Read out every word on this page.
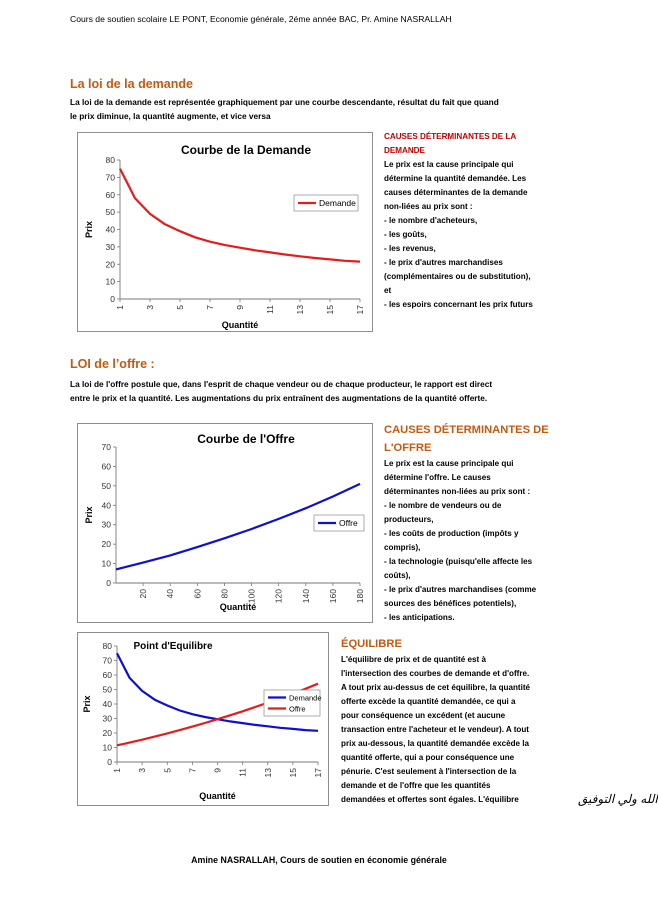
Cours de soutien scolaire LE PONT, Economie générale, 2éme année BAC, Pr. Amine NASRALLAH
La loi de la demande
La loi de la demande est représentée graphiquement par une courbe descendante, résultat du fait que quand
le prix diminue, la quantité augmente, et vice versa
Courbe de la Demande
0
10
20
30
40
50
60
70
80
1 3 5 7 9 11 13 15 17
Prix
Quantité
Demande
CAUSES DÉTERMINANTES DE LA
DEMANDE
Le prix est la cause principale qui
détermine la quantité demandée. Les
causes déterminantes de la demande
non-liées au prix sont :
- le nombre d'acheteurs,
- les goûts,
- les revenus,
- le prix d'autres marchandises
(complémentaires ou de substitution),
et
- les espoirs concernant les prix futurs
LOI de l’offre :
La loi de l'offre postule que, dans l'esprit de chaque vendeur ou de chaque producteur, le rapport est direct
entre le prix et la quantité. Les augmentations du prix entraînent des augmentations de la quantité offerte.
Courbe de l'Offre
0
10
20
30
40
50
60
70
20 40 60 80 100 120 140 160 180
Prix
Quantité
Offre
CAUSES DÉTERMINANTES DE
L'OFFRE
Le prix est la cause principale qui
détermine l'offre. Le causes
déterminantes non-liées au prix sont :
- le nombre de vendeurs ou de
producteurs,
- les coûts de production (impôts y
compris),
- la technologie (puisqu'elle affecte les
coûts),
- le prix d'autres marchandises (comme
sources des bénéfices potentiels),
- les anticipations.
Point d'Equilibre
0
10
20
30
40
50
60
70
80
1 3 5 7 9 11 13 15 17
Prix
Quantité
Demande
Offre
ÉQUILIBRE
L'équilibre de prix et de quantité est à
l'intersection des courbes de demande et d'offre.
A tout prix au-dessus de cet équilibre, la quantité
offerte excède la quantité demandée, ce qui a
pour conséquence un excédent (et aucune
transaction entre l'acheteur et le vendeur). A tout
prix au-dessous, la quantité demandée excède la
quantité offerte, qui a pour conséquence une
pénurie. C'est seulement à l'intersection de la
demande et de l'offre que les quantités
demandées et offertes sont égales. L'équilibre	الله ولي التوفيق
Amine NASRALLAH, Cours de soutien en économie générale
